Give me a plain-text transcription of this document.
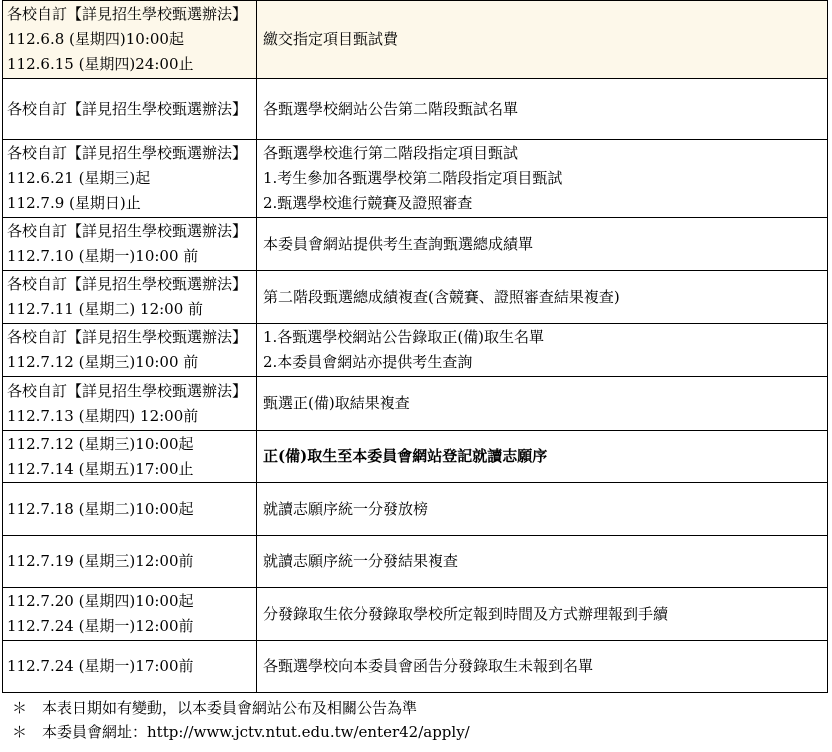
各校自訂【詳見招生學校甄選辦法】
112.6.8 (星期四)10:00起
112.6.15 (星期四)24:00止	繳交指定項目甄試費

各校自訂【詳見招生學校甄選辦法】	各甄選學校網站公告第二階段甄試名單

各校自訂【詳見招生學校甄選辦法】
112.6.21 (星期三)起
112.7.9 (星期日)止	各甄選學校進行第二階段指定項目甄試
1.考生參加各甄選學校第二階段指定項目甄試
2.甄選學校進行競賽及證照審查

各校自訂【詳見招生學校甄選辦法】
112.7.10 (星期一)10:00 前	本委員會網站提供考生查詢甄選總成績單

各校自訂【詳見招生學校甄選辦法】
112.7.11 (星期二) 12:00 前	第二階段甄選總成績複查(含競賽、證照審查結果複查)

各校自訂【詳見招生學校甄選辦法】
112.7.12 (星期三)10:00 前	1.各甄選學校網站公告錄取正(備)取生名單
2.本委員會網站亦提供考生查詢

各校自訂【詳見招生學校甄選辦法】
112.7.13 (星期四) 12:00前	甄選正(備)取結果複查

112.7.12 (星期三)10:00起
112.7.14 (星期五)17:00止	正(備)取生至本委員會網站登記就讀志願序

112.7.18 (星期二)10:00起	就讀志願序統一分發放榜

112.7.19 (星期三)12:00前	就讀志願序統一分發結果複查

112.7.20 (星期四)10:00起
112.7.24 (星期一)12:00前	分發錄取生依分發錄取學校所定報到時間及方式辦理報到手續

112.7.24 (星期一)17:00前	各甄選學校向本委員會函告分發錄取生未報到名單
＊ 本表日期如有變動，以本委員會網站公布及相關公告為準
＊ 本委員會網址：http://www.jctv.ntut.edu.tw/enter42/apply/
